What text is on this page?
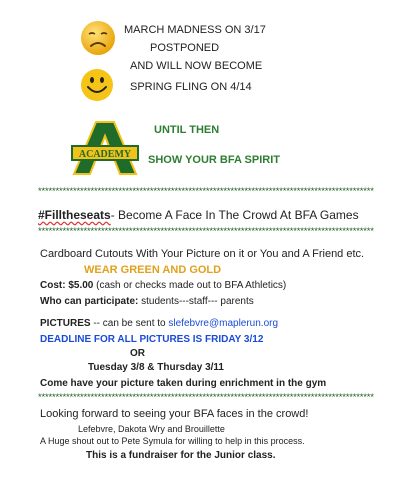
MARCH MADNESS ON 3/17
POSTPONED
AND WILL NOW BECOME
SPRING FLING ON 4/14
ACADEMY
UNTIL THEN
SHOW YOUR BFA SPIRIT
************************************************************************************************
#Filltheseats- Become A Face In The Crowd At BFA Games
************************************************************************************************
Cardboard Cutouts With Your Picture on it or You and A Friend etc.
WEAR GREEN AND GOLD
Cost: $5.00 (cash or checks made out to BFA Athletics)
Who can participate: students---staff--- parents
PICTURES -- can be sent to slefebvre@maplerun.org
DEADLINE FOR ALL PICTURES IS FRIDAY 3/12
OR
Tuesday 3/8 & Thursday 3/11
Come have your picture taken during enrichment in the gym
************************************************************************************************
Looking forward to seeing your BFA faces in the crowd!
Lefebvre, Dakota Wry and Brouillette
A Huge shout out to Pete Symula for willing to help in this process.
This is a fundraiser for the Junior class.
